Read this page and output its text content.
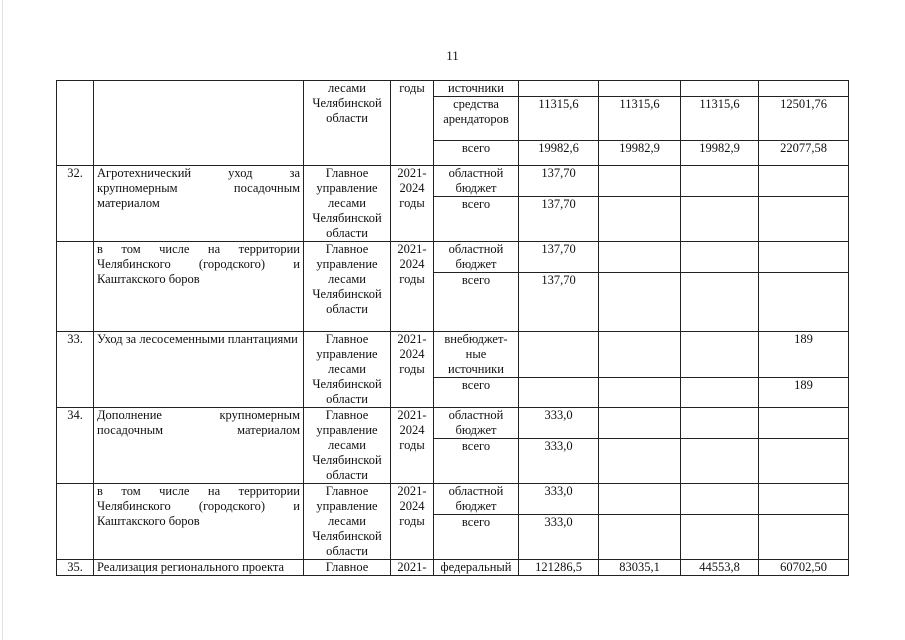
11

		лесами
Челябинской
области	годы	источники				

				средства
арендаторов	11315,6	11315,6	11315,6	12501,76

				всего	19982,6	19982,9	19982,9	22077,58
32.	Агротехнический уход за крупномерным посадочным материалом	Главное
управление
лесами
Челябинской
области	2021-
2024
годы	областной
бюджет	137,70			

				всего	137,70			
	в том числе на территории Челябинского (городского) и Каштакского боров	Главное
управление
лесами
Челябинской
области	2021-
2024
годы	областной
бюджет	137,70			

				всего	137,70			
33.	Уход за лесосеменными плантациями	Главное
управление
лесами
Челябинской
области	2021-
2024
годы	внебюджет-
ные
источники				189

				всего				189
34.	Дополнение крупномерным посадочным материалом	Главное
управление
лесами
Челябинской
области	2021-
2024
годы	областной
бюджет	333,0			

				всего	333,0			
	в том числе на территории Челябинского (городского) и Каштакского боров	Главное
управление
лесами
Челябинской
области	2021-
2024
годы	областной
бюджет	333,0			

				всего	333,0			
35.	Реализация регионального проекта	Главное	2021-	федеральный	121286,5	83035,1	44553,8	60702,50
